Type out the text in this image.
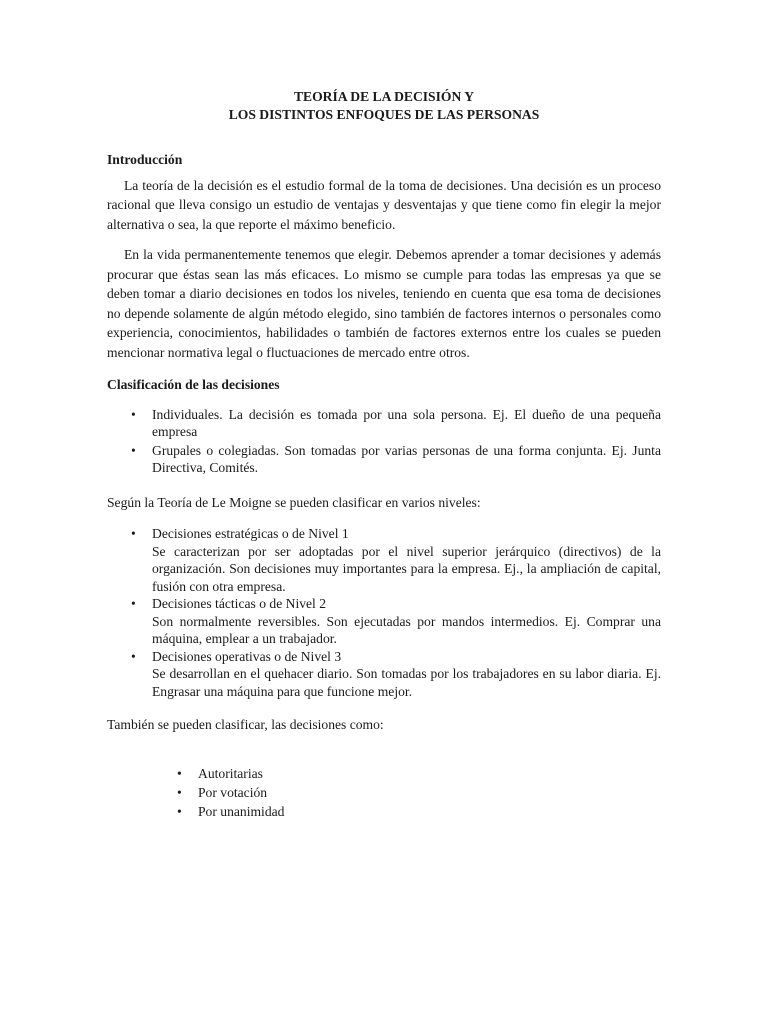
TEORÍA DE LA DECISIÓN Y

LOS DISTINTOS ENFOQUES DE LAS PERSONAS

Introducción

La teoría de la decisión es el estudio formal de la toma de decisiones. Una decisión es un proceso racional que lleva consigo un estudio de ventajas y desventajas y que tiene como fin elegir la mejor alternativa o sea, la que reporte el máximo beneficio.

En la vida permanentemente tenemos que elegir. Debemos aprender a tomar decisiones y además procurar que éstas sean las más eficaces. Lo mismo se cumple para todas las empresas ya que se deben tomar a diario decisiones en todos los niveles, teniendo en cuenta que esa toma de decisiones no depende solamente de algún método elegido, sino también de factores internos o personales como experiencia, conocimientos, habilidades o también de factores externos entre los cuales se pueden mencionar normativa legal o fluctuaciones de mercado entre otros.

Clasificación de las decisiones

• Individuales. La decisión es tomada por una sola persona. Ej. El dueño de una pequeña empresa
• Grupales o colegiadas. Son tomadas por varias personas de una forma conjunta. Ej. Junta Directiva, Comités.

Según la Teoría de Le Moigne se pueden clasificar en varios niveles:

• Decisiones estratégicas o de Nivel 1
Se caracterizan por ser adoptadas por el nivel superior jerárquico (directivos) de la organización. Son decisiones muy importantes para la empresa. Ej., la ampliación de capital, fusión con otra empresa.
• Decisiones tácticas o de Nivel 2
Son normalmente reversibles. Son ejecutadas por mandos intermedios. Ej. Comprar una máquina, emplear a un trabajador.
• Decisiones operativas o de Nivel 3
Se desarrollan en el quehacer diario. Son tomadas por los trabajadores en su labor diaria. Ej. Engrasar una máquina para que funcione mejor.

También se pueden clasificar, las decisiones como:

• Autoritarias
• Por votación
• Por unanimidad
